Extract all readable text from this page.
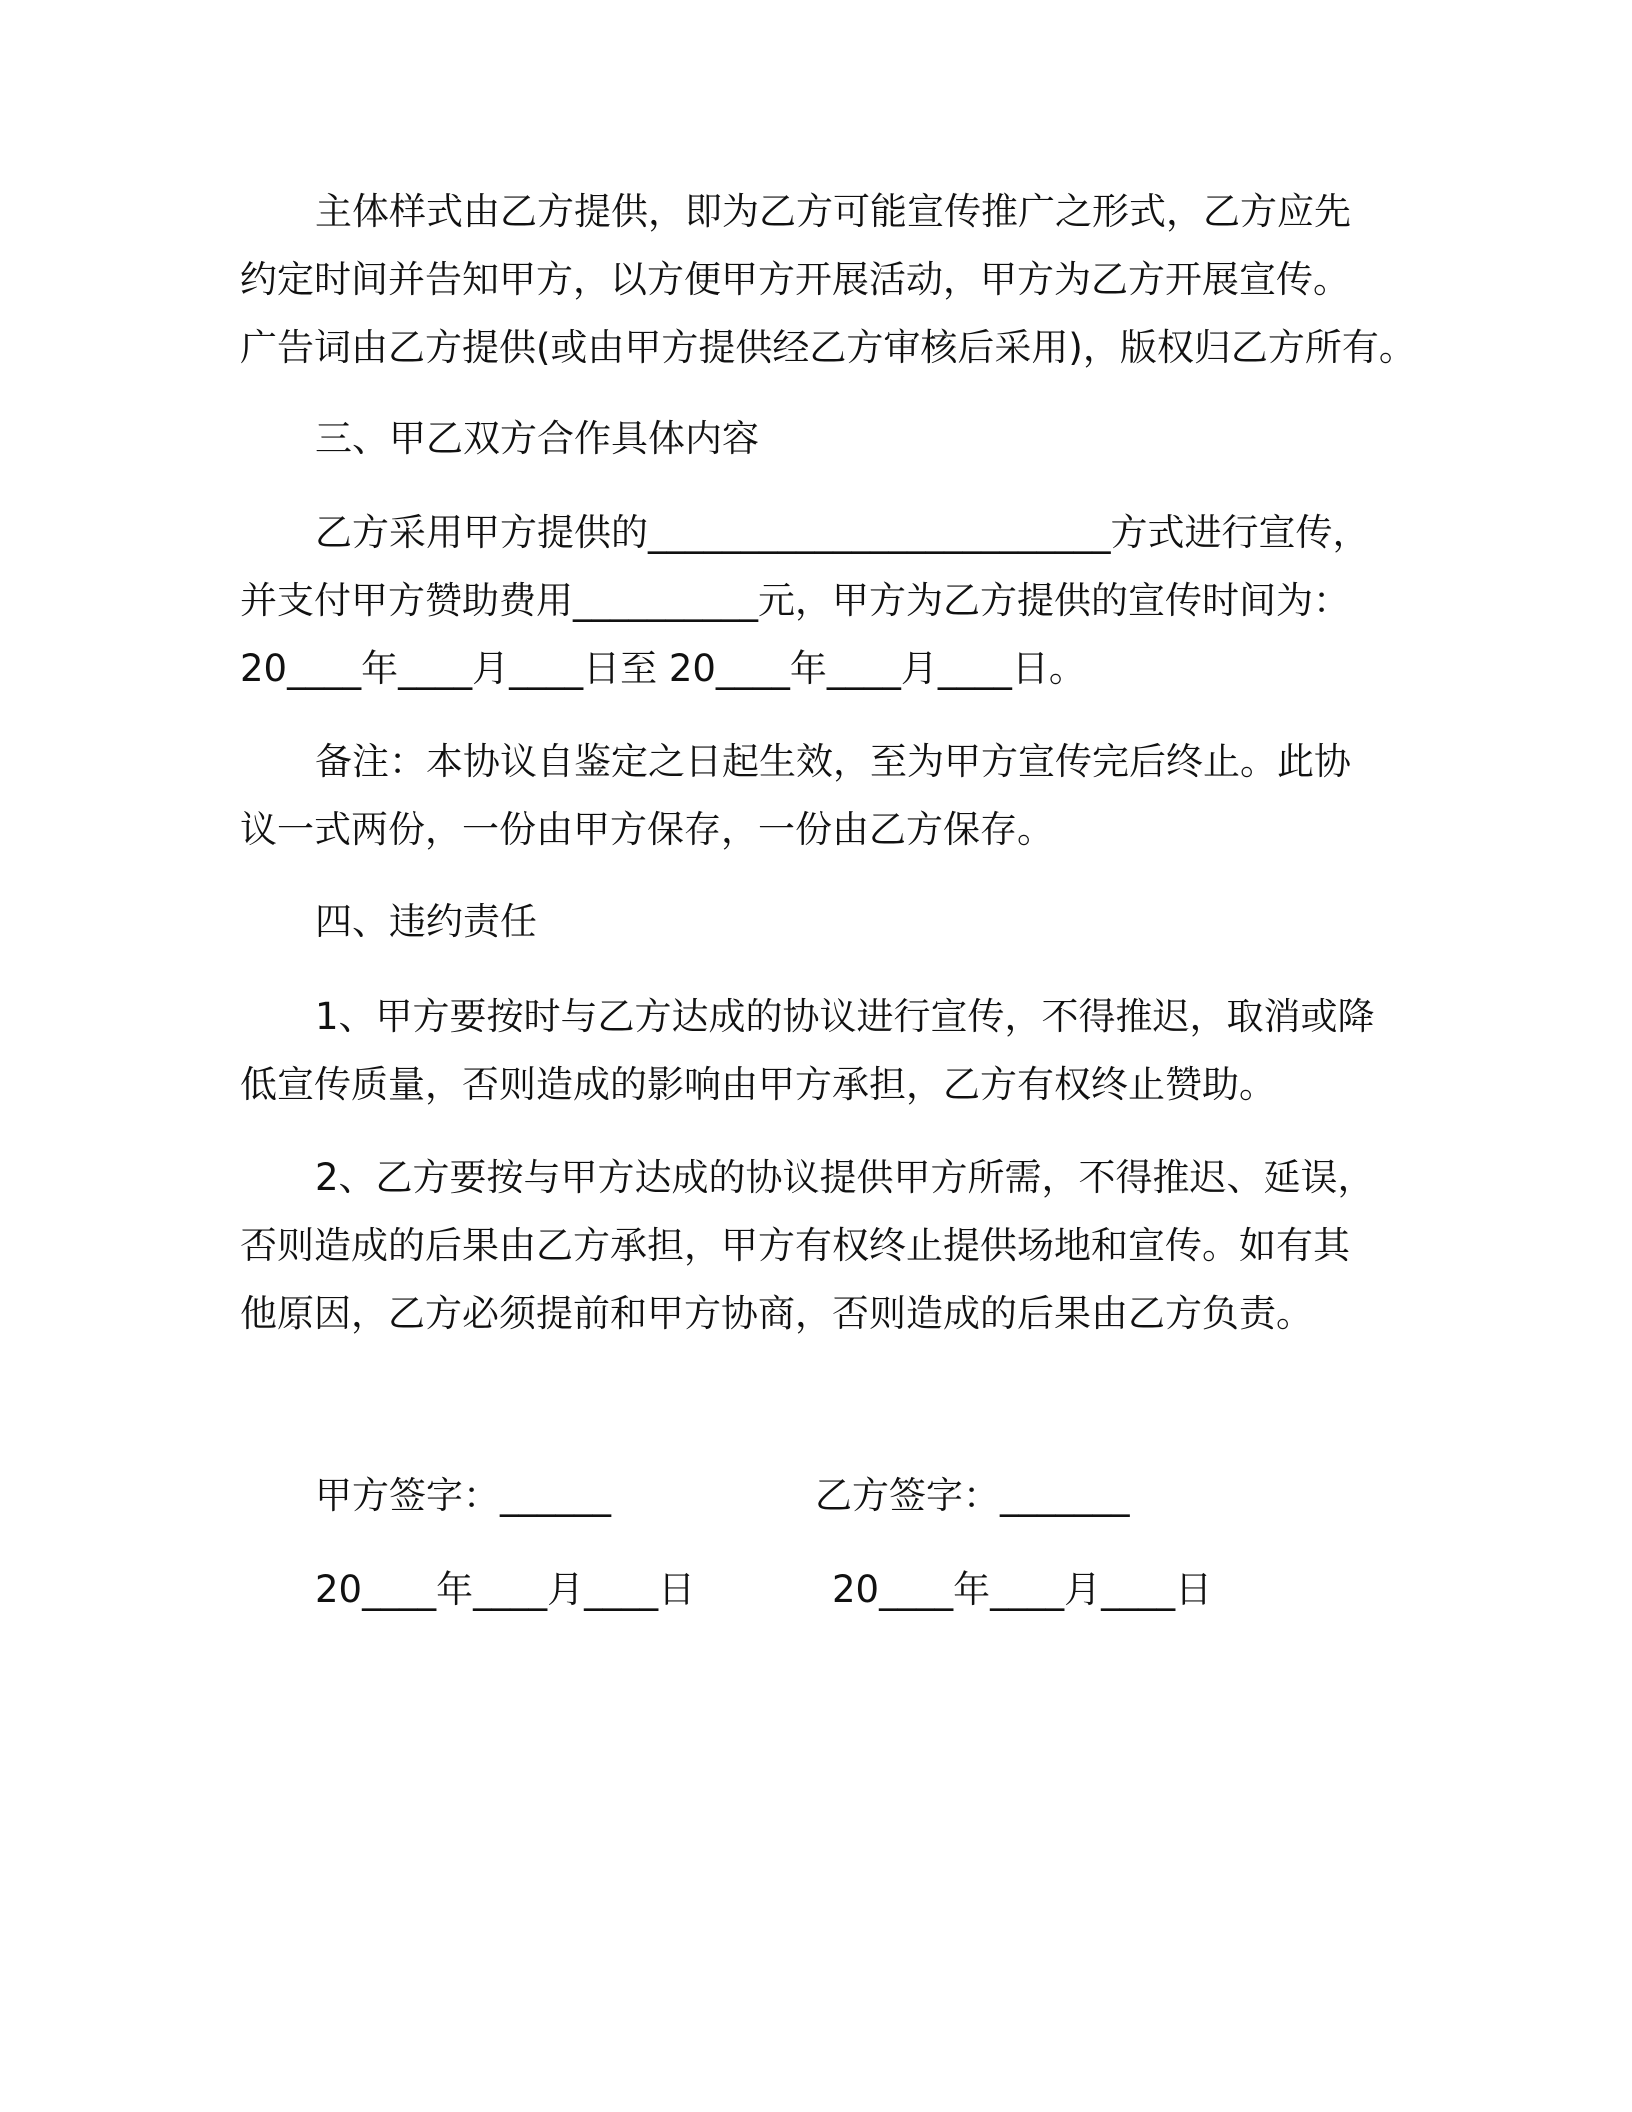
主体样式由乙方提供，即为乙方可能宣传推广之形式，乙方应先
约定时间并告知甲方，以方便甲方开展活动，甲方为乙方开展宣传。
广告词由乙方提供(或由甲方提供经乙方审核后采用)，版权归乙方所有。
三、甲乙双方合作具体内容
乙方采用甲方提供的_________________________方式进行宣传，
并支付甲方赞助费用__________元，甲方为乙方提供的宣传时间为：
20____年____月____日至 20____年____月____日。
备注：本协议自鉴定之日起生效，至为甲方宣传完后终止。此协
议一式两份，一份由甲方保存，一份由乙方保存。
四、违约责任
1、甲方要按时与乙方达成的协议进行宣传，不得推迟，取消或降
低宣传质量，否则造成的影响由甲方承担，乙方有权终止赞助。
2、乙方要按与甲方达成的协议提供甲方所需，不得推迟、延误，
否则造成的后果由乙方承担，甲方有权终止提供场地和宣传。如有其
他原因，乙方必须提前和甲方协商，否则造成的后果由乙方负责。
甲方签字：______	乙方签字：_______
20____年____月____日	20____年____月____日
